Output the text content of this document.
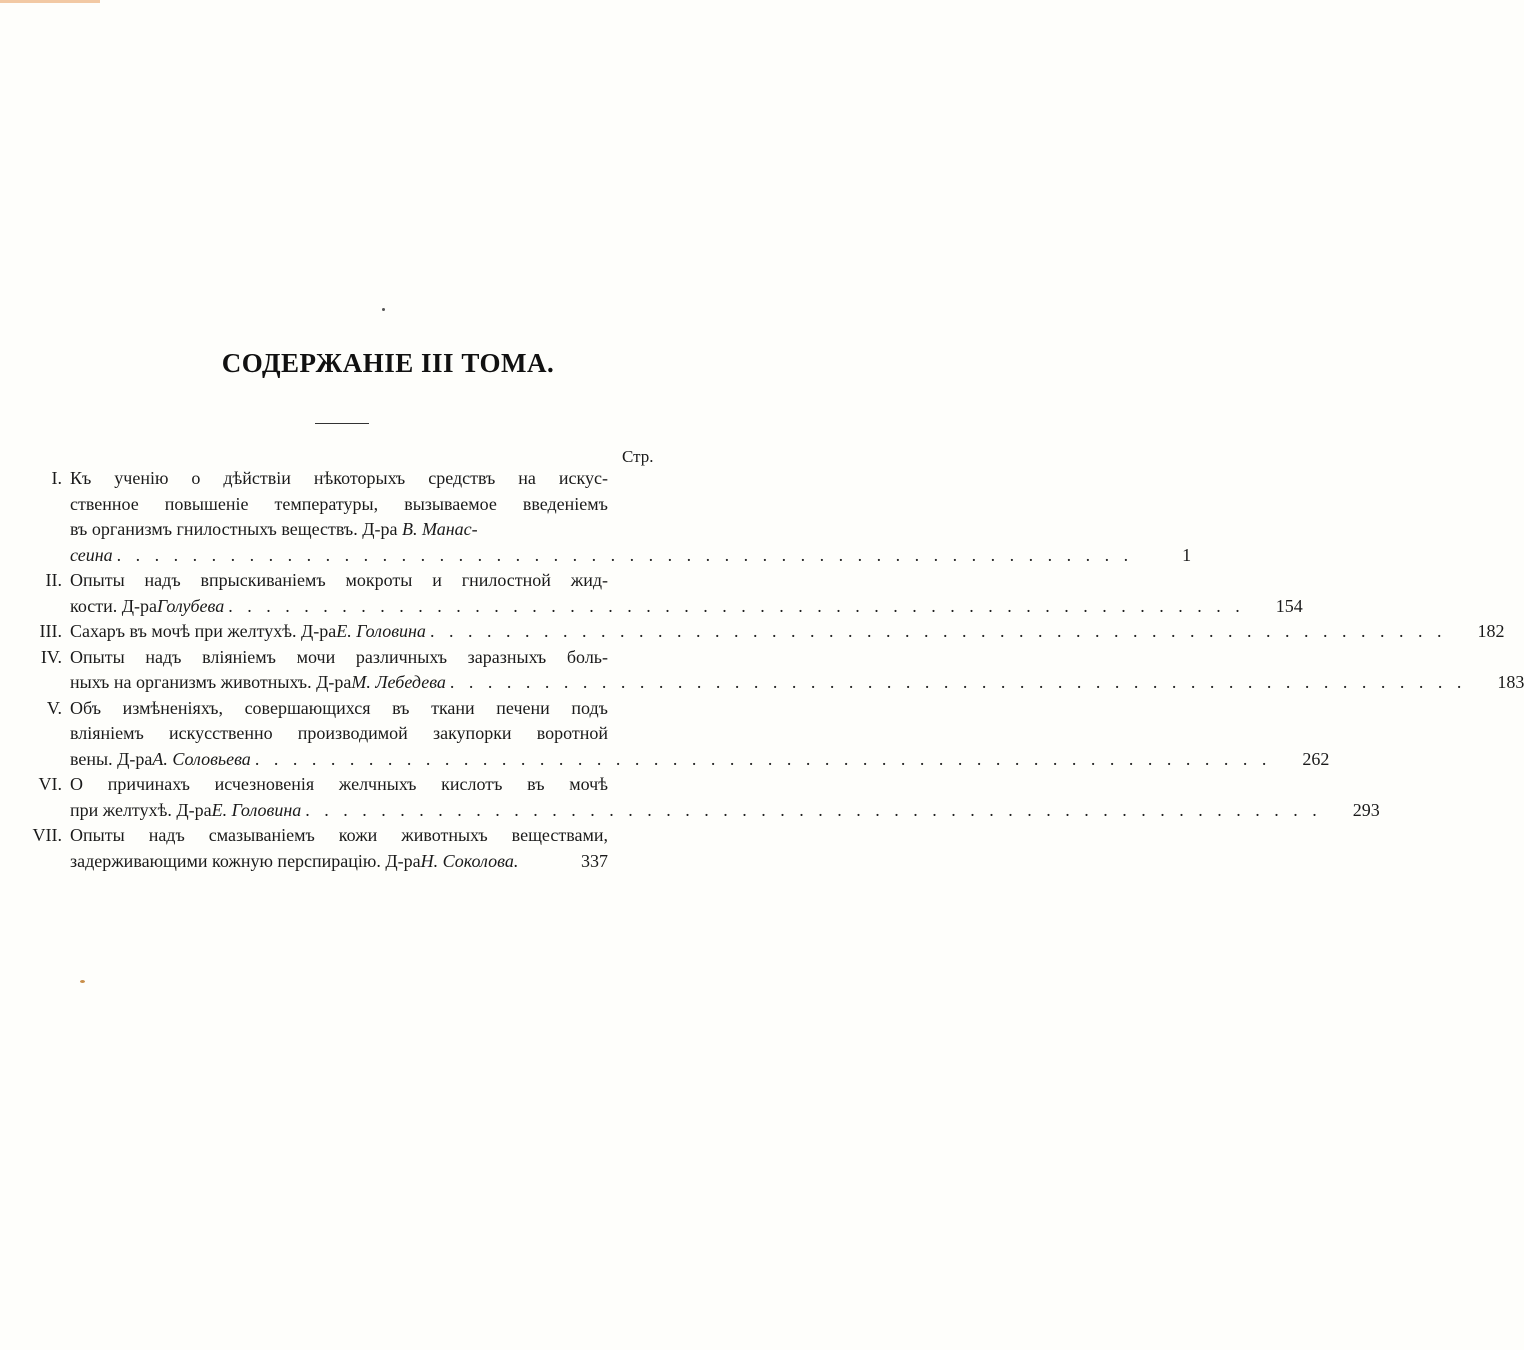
СОДЕРЖАНІЕ III ТОМА.
Стр.
I. Къ ученію о дѣйствіи нѣкоторыхъ средствъ на искус-
ственное повышеніе температуры, вызываемое введеніемъ
въ организмъ гнилостныхъ веществъ. Д-ра
В. Манас-
сеина . . . . . . . . . . . . . . . . . . . . . . . . . . . . . . . . . . . . . . . . . . . . . . . . . . . . . .	1
II. Опыты надъ впрыскиваніемъ мокроты и гнилостной жид-
кости. Д-ра Голубева . . . . . . . . . . . . . . . . . . . . . . . . . . . . . . . . . . . . . . . . . . . . . . . . . . . . . .	154
III. Сахаръ въ мочѣ при желтухѣ. Д-ра Е. Головина . . . . . . . . . . . . . . . . . . . . . . . . . . . . . . . . . . . . . . . . . . . . . . . . . . . . . .	182
IV. Опыты надъ вліяніемъ мочи различныхъ заразныхъ боль-
ныхъ на организмъ животныхъ. Д-ра М. Лебедева . . . . . . . . . . . . . . . . . . . . . . . . . . . . . . . . . . . . . . . . . . . . . . . . . . . . . .	183
V. Объ измѣненіяхъ, совершающихся въ ткани печени подъ
вліяніемъ искусственно производимой закупорки воротной
вены. Д-ра А. Соловьева . . . . . . . . . . . . . . . . . . . . . . . . . . . . . . . . . . . . . . . . . . . . . . . . . . . . . .	262
VI. О причинахъ исчезновенія желчныхъ кислотъ въ мочѣ
при желтухѣ. Д-ра Е. Головина . . . . . . . . . . . . . . . . . . . . . . . . . . . . . . . . . . . . . . . . . . . . . . . . . . . . . .	293
VII. Опыты надъ смазываніемъ кожи животныхъ веществами,
задерживающими кожную перспирацію. Д-ра Н. Соколова.	337
